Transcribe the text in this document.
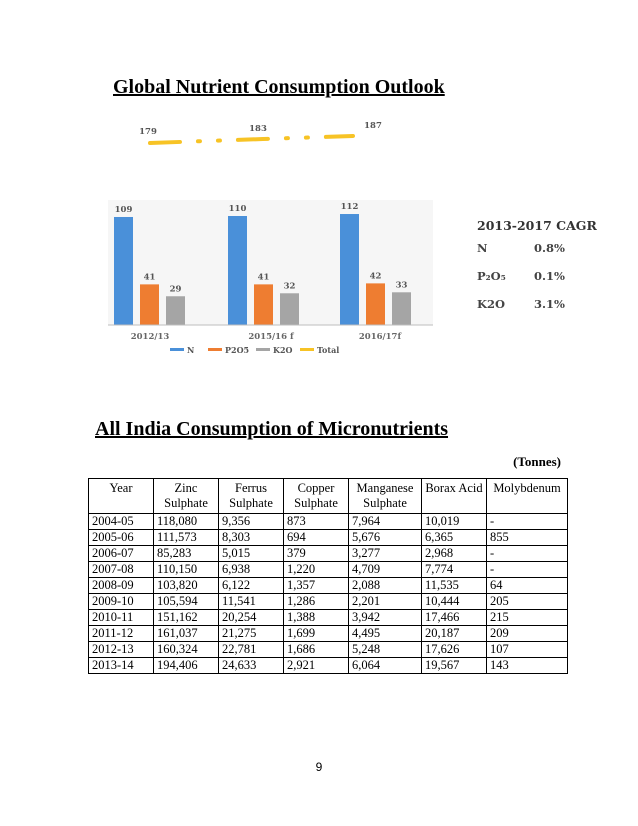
Global Nutrient Consumption Outlook
109	110	112
41	41	42
29	32	33
2012/13	2015/16 f	2016/17f
179	183	187
N	P2O5	K2O	Total
2013-2017 CAGR
N	0.8%
P₂O₅ 0.1%
K2O	3.1%
All India Consumption of Micronutrients
(Tonnes)
Year	Zinc Sulphate	Ferrus Sulphate	Copper Sulphate	Manganese Sulphate	Borax Acid	Molybdenum
2004-05	118,080	9,356	873	7,964	10,019	-
2005-06	111,573	8,303	694	5,676	6,365	855
2006-07	85,283	5,015	379	3,277	2,968	-
2007-08	110,150	6,938	1,220	4,709	7,774	-
2008-09	103,820	6,122	1,357	2,088	11,535	64
2009-10	105,594	11,541	1,286	2,201	10,444	205
2010-11	151,162	20,254	1,388	3,942	17,466	215
2011-12	161,037	21,275	1,699	4,495	20,187	209
2012-13	160,324	22,781	1,686	5,248	17,626	107
2013-14	194,406	24,633	2,921	6,064	19,567	143
9
